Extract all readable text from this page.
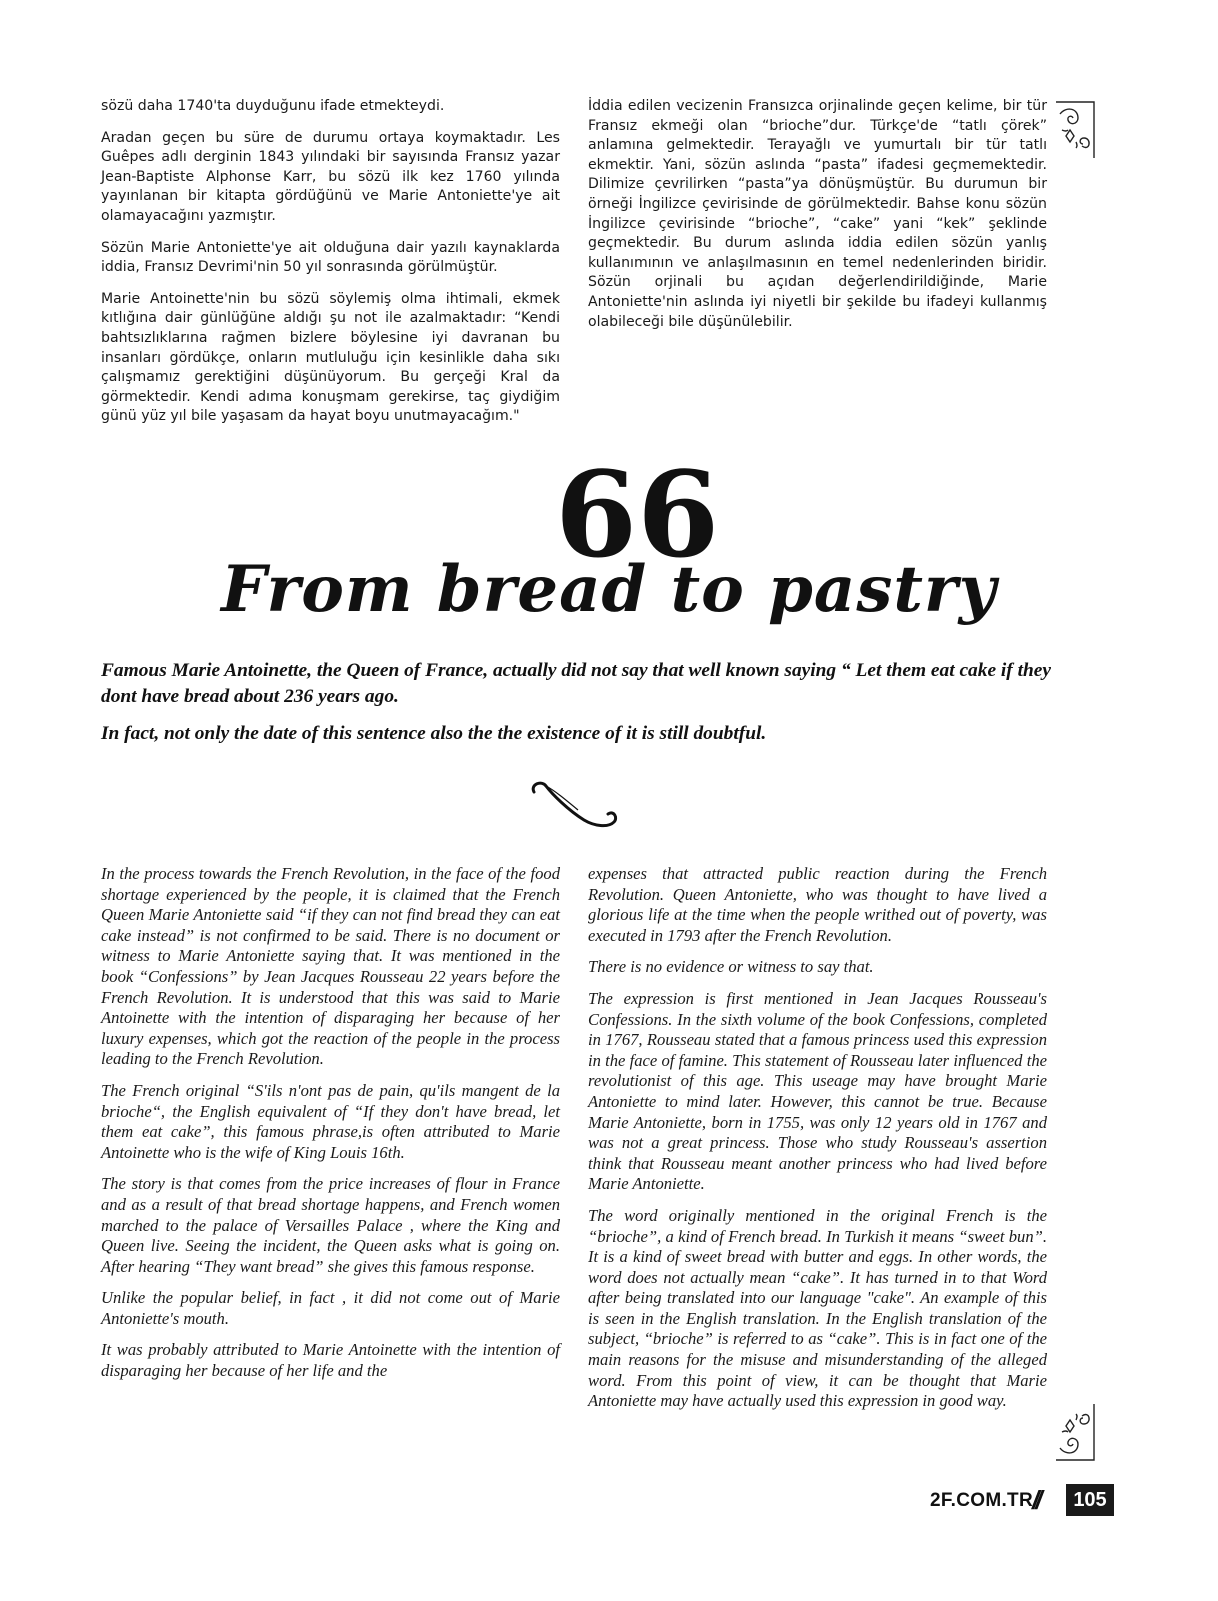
sözü daha 1740'ta duyduğunu ifade etmekteydi.

Aradan geçen bu süre de durumu ortaya koymaktadır. Les Guêpes adlı derginin 1843 yılındaki bir sayısında Fransız yazar Jean-Baptiste Alphonse Karr, bu sözü ilk kez 1760 yılında yayınlanan bir kitapta gördüğünü ve Marie Antoniette'ye ait olamayacağını yazmıştır.

Sözün Marie Antoniette'ye ait olduğuna dair yazılı kaynaklarda iddia, Fransız Devrimi'nin 50 yıl sonrasında görülmüştür.

Marie Antoinette'nin bu sözü söylemiş olma ihtimali, ekmek kıtlığına dair günlüğüne aldığı şu not ile azalmaktadır: “Kendi bahtsızlıklarına rağmen bizlere böylesine iyi davranan bu insanları gördükçe, onların mutluluğu için kesinlikle daha sıkı çalışmamız gerektiğini düşünüyorum. Bu gerçeği Kral da görmektedir. Kendi adıma konuşmam gerekirse, taç giydiğim günü yüz yıl bile yaşasam da hayat boyu unutmayacağım."

İddia edilen vecizenin Fransızca orjinalinde geçen kelime, bir tür Fransız ekmeği olan “brioche”dur. Türkçe'de “tatlı çörek” anlamına gelmektedir. Terayağlı ve yumurtalı bir tür tatlı ekmektir. Yani, sözün aslında “pasta” ifadesi geçmemektedir. Dilimize çevrilirken “pasta”ya dönüşmüştür. Bu durumun bir örneği İngilizce çevirisinde de görülmektedir. Bahse konu sözün İngilizce çevirisinde “brioche”, “cake” yani “kek” şeklinde geçmektedir. Bu durum aslında iddia edilen sözün yanlış kullanımının ve anlaşılmasının en temel nedenlerinden biridir. Sözün orjinali bu açıdan değerlendirildiğinde, Marie Antoniette'nin aslında iyi niyetli bir şekilde bu ifadeyi kullanmış olabileceği bile düşünülebilir.

66
From bread to pastry

Famous Marie Antoinette, the Queen of France, actually did not say that well known saying “ Let them eat cake if they dont have bread about 236 years ago.

In fact, not only the date of this sentence also the the existence of it is still doubtful.

In the process towards the French Revolution, in the face of the food shortage experienced by the people, it is claimed that the French Queen Marie Antoniette said “if they can not find bread they can eat cake instead” is not confirmed to be said. There is no document or witness to Marie Antoniette saying that. It was mentioned in the book “Confessions” by Jean Jacques Rousseau 22 years before the French Revolution. It is understood that this was said to Marie Antoinette with the intention of disparaging her because of her luxury expenses, which got the reaction of the people in the process leading to the French Revolution.

The French original “S'ils n'ont pas de pain, qu'ils mangent de la brioche“, the English equivalent of “If they don't have bread, let them eat cake”, this famous phrase,is often attributed to Marie Antoinette who is the wife of King Louis 16th.

The story is that comes from the price increases of flour in France and as a result of that bread shortage happens, and French women marched to the palace of Versailles Palace , where the King and Queen live. Seeing the incident, the Queen asks what is going on. After hearing “They want bread” she gives this famous response.

Unlike the popular belief, in fact , it did not come out of Marie Antoniette's mouth.

It was probably attributed to Marie Antoinette with the intention of disparaging her because of her life and the

expenses that attracted public reaction during the French Revolution. Queen Antoniette, who was thought to have lived a glorious life at the time when the people writhed out of poverty, was executed in 1793 after the French Revolution.

There is no evidence or witness to say that.

The expression is first mentioned in Jean Jacques Rousseau's Confessions. In the sixth volume of the book Confessions, completed in 1767, Rousseau stated that a famous princess used this expression in the face of famine. This statement of Rousseau later influenced the revolutionist of this age. This useage may have brought Marie Antoniette to mind later. However, this cannot be true. Because Marie Antoniette, born in 1755, was only 12 years old in 1767 and was not a great princess. Those who study Rousseau's assertion think that Rousseau meant another princess who had lived before Marie Antoniette.

The word originally mentioned in the original French is the “brioche”, a kind of French bread. In Turkish it means “sweet bun”. It is a kind of sweet bread with butter and eggs. In other words, the word does not actually mean “cake”. It has turned in to that Word after being translated into our language "cake". An example of this is seen in the English translation. In the English translation of the subject, “brioche” is referred to as “cake”. This is in fact one of the main reasons for the misuse and misunderstanding of the alleged word. From this point of view, it can be thought that Marie Antoniette may have actually used this expression in good way.

2F.COM.TR //	105
